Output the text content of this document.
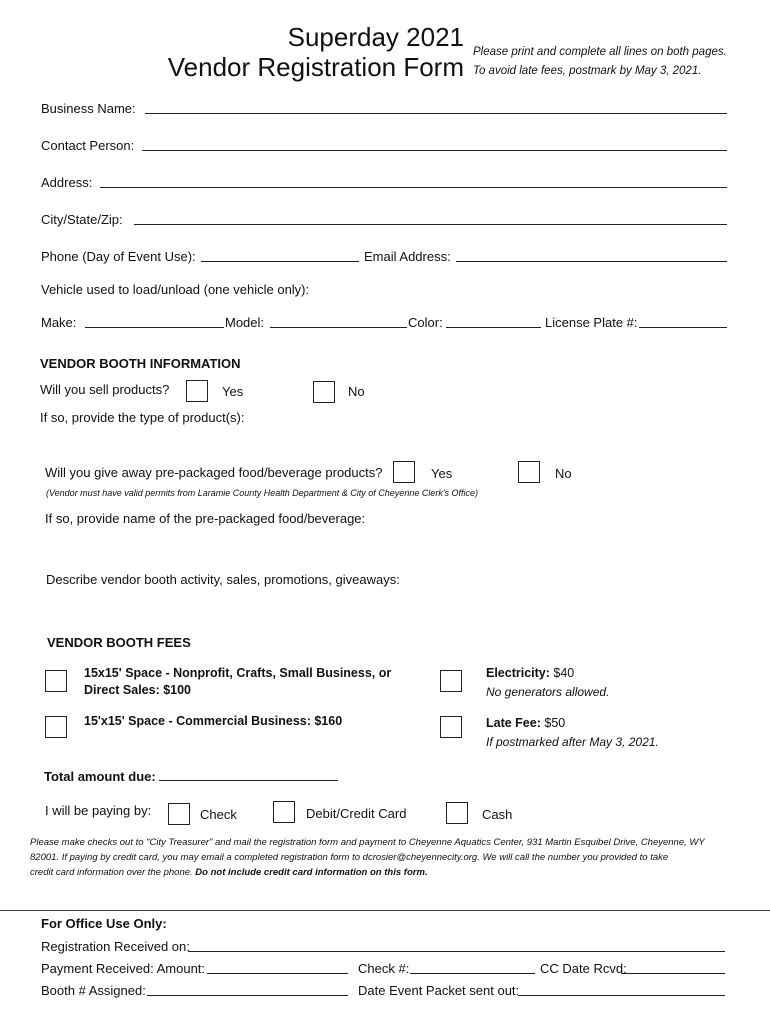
Superday 2021
Vendor Registration Form Please print and complete all lines on both pages.
To avoid late fees, postmark by May 3, 2021.
Business Name:
Contact Person:
Address:
City/State/Zip:
Phone (Day of Event Use):	Email Address:
Vehicle used to load/unload (one vehicle only):
Make:	Model:	Color:	License Plate #:
VENDOR BOOTH INFORMATION
Will you sell products?	Yes	No
If so, provide the type of product(s):
Will you give away pre-packaged food/beverage products?	Yes	No
(Vendor must have valid permits from Laramie County Health Department & City of Cheyenne Clerk's Office)
If so, provide name of the pre-packaged food/beverage:
Describe vendor booth activity, sales, promotions, giveaways:
VENDOR BOOTH FEES
15x15' Space - Nonprofit, Crafts, Small Business, or
Direct Sales: $100
15'x15' Space - Commercial Business: $160
Electricity: $40
No generators allowed.
Late Fee: $50
If postmarked after May 3, 2021.
Total amount due:
I will be paying by:	Check	Debit/Credit Card	Cash
Please make checks out to "City Treasurer" and mail the registration form and payment to Cheyenne Aquatics Center, 931 Martin Esquibel Drive, Cheyenne, WY
82001. If paying by credit card, you may email a completed registration form to dcrosier@cheyennecity.org. We will call the number you provided to take
credit card information over the phone. Do not include credit card information on this form.
For Office Use Only:
Registration Received on:
Payment Received: Amount:	Check #:	CC Date Rcvd:
Booth # Assigned:	Date Event Packet sent out:
